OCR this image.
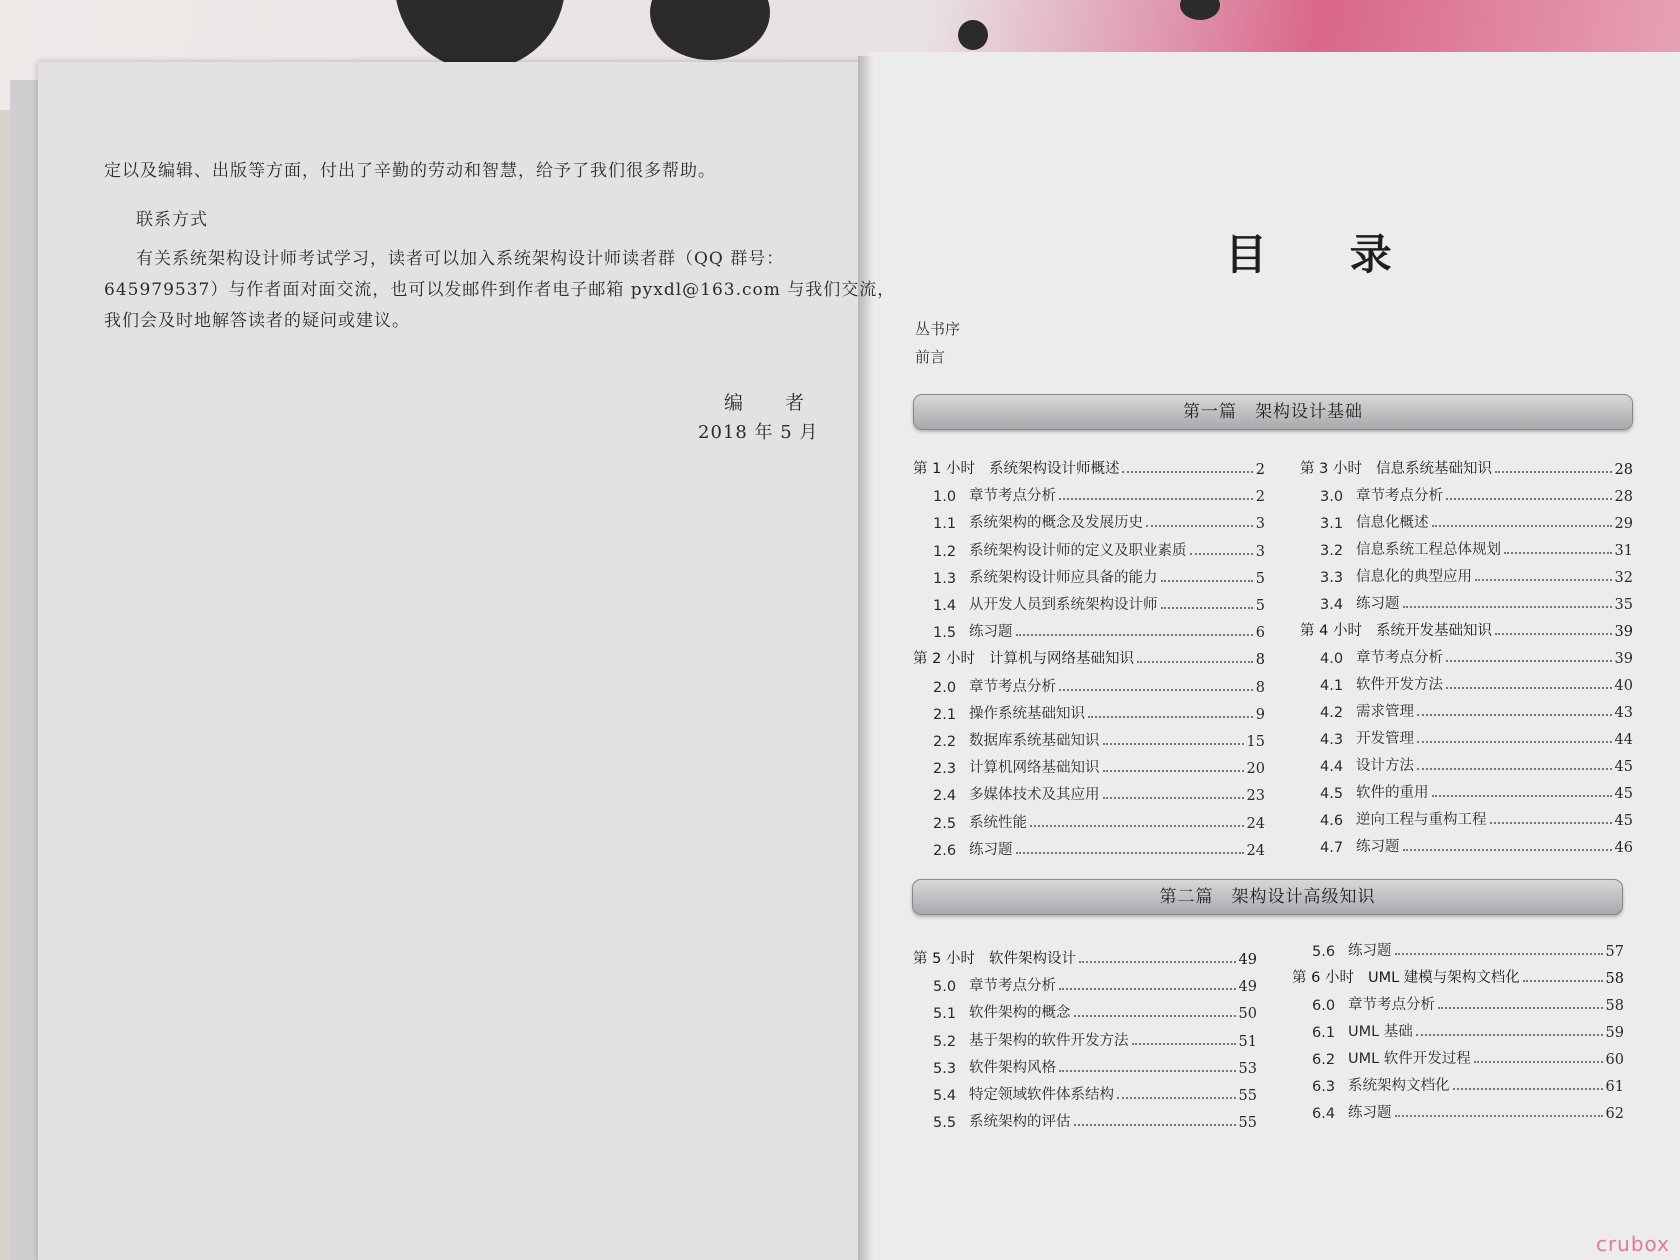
定以及编辑、出版等方面，付出了辛勤的劳动和智慧，给予了我们很多帮助。
联系方式
有关系统架构设计师考试学习，读者可以加入系统架构设计师读者群（QQ 群号：
645979537）与作者面对面交流，也可以发邮件到作者电子邮箱 pyxdl@163.com 与我们交流，
我们会及时地解答读者的疑问或建议。
编 者
2018 年 5 月
目 录
丛书序
前言
第一篇　架构设计基础
第二篇　架构设计高级知识
第 1 小时 系统架构设计师概述	2
1.0 章节考点分析	2
1.1 系统架构的概念及发展历史	3
1.2 系统架构设计师的定义及职业素质	3
1.3 系统架构设计师应具备的能力	5
1.4 从开发人员到系统架构设计师	5
1.5 练习题	6
第 2 小时 计算机与网络基础知识	8
2.0 章节考点分析	8
2.1 操作系统基础知识	9
2.2 数据库系统基础知识	15
2.3 计算机网络基础知识	20
2.4 多媒体技术及其应用	23
2.5 系统性能	24
2.6 练习题	24
第 3 小时 信息系统基础知识	28
3.0 章节考点分析	28
3.1 信息化概述	29
3.2 信息系统工程总体规划	31
3.3 信息化的典型应用	32
3.4 练习题	35
第 4 小时 系统开发基础知识	39
4.0 章节考点分析	39
4.1 软件开发方法	40
4.2 需求管理	43
4.3 开发管理	44
4.4 设计方法	45
4.5 软件的重用	45
4.6 逆向工程与重构工程	45
4.7 练习题	46
第 5 小时 软件架构设计	49
5.0 章节考点分析	49
5.1 软件架构的概念	50
5.2 基于架构的软件开发方法	51
5.3 软件架构风格	53
5.4 特定领域软件体系结构	55
5.5 系统架构的评估	55
5.6 练习题	57
第 6 小时 UML 建模与架构文档化	58
6.0 章节考点分析	58
6.1 UML 基础	59
6.2 UML 软件开发过程	60
6.3 系统架构文档化	61
6.4 练习题	62
crubox
